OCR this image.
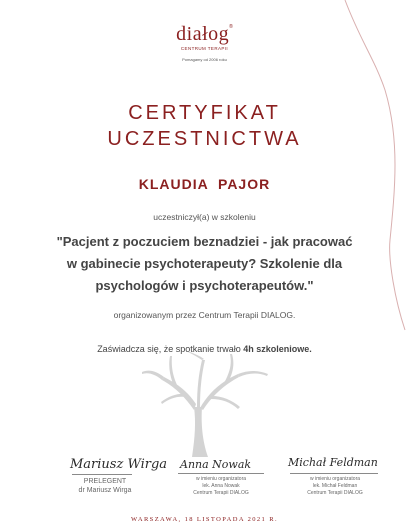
diałog®
CENTRUM TERAPII
Pomagamy od 2006 roku
CERTYFIKAT
UCZESTNICTWA
KLAUDIA  PAJOR
uczestniczył(a) w szkoleniu
"Pacjent z poczuciem beznadziei - jak pracować
w gabinecie psychoterapeuty? Szkolenie dla
psychologów i psychoterapeutów."
organizowanym przez Centrum Terapii DIALOG.
Zaświadcza się, że spotkanie trwało 4h szkoleniowe.
Mariusz Wirga
PRELEGENT
dr Mariusz Wirga
Anna Nowak
w imieniu organizatora
lek. Anna Nowak
Centrum Terapii DIALOG
Michał Feldman
w imieniu organizatora
lek. Michał Feldman
Centrum Terapii DIALOG
WARSZAWA, 18 LISTOPADA 2021 R.
